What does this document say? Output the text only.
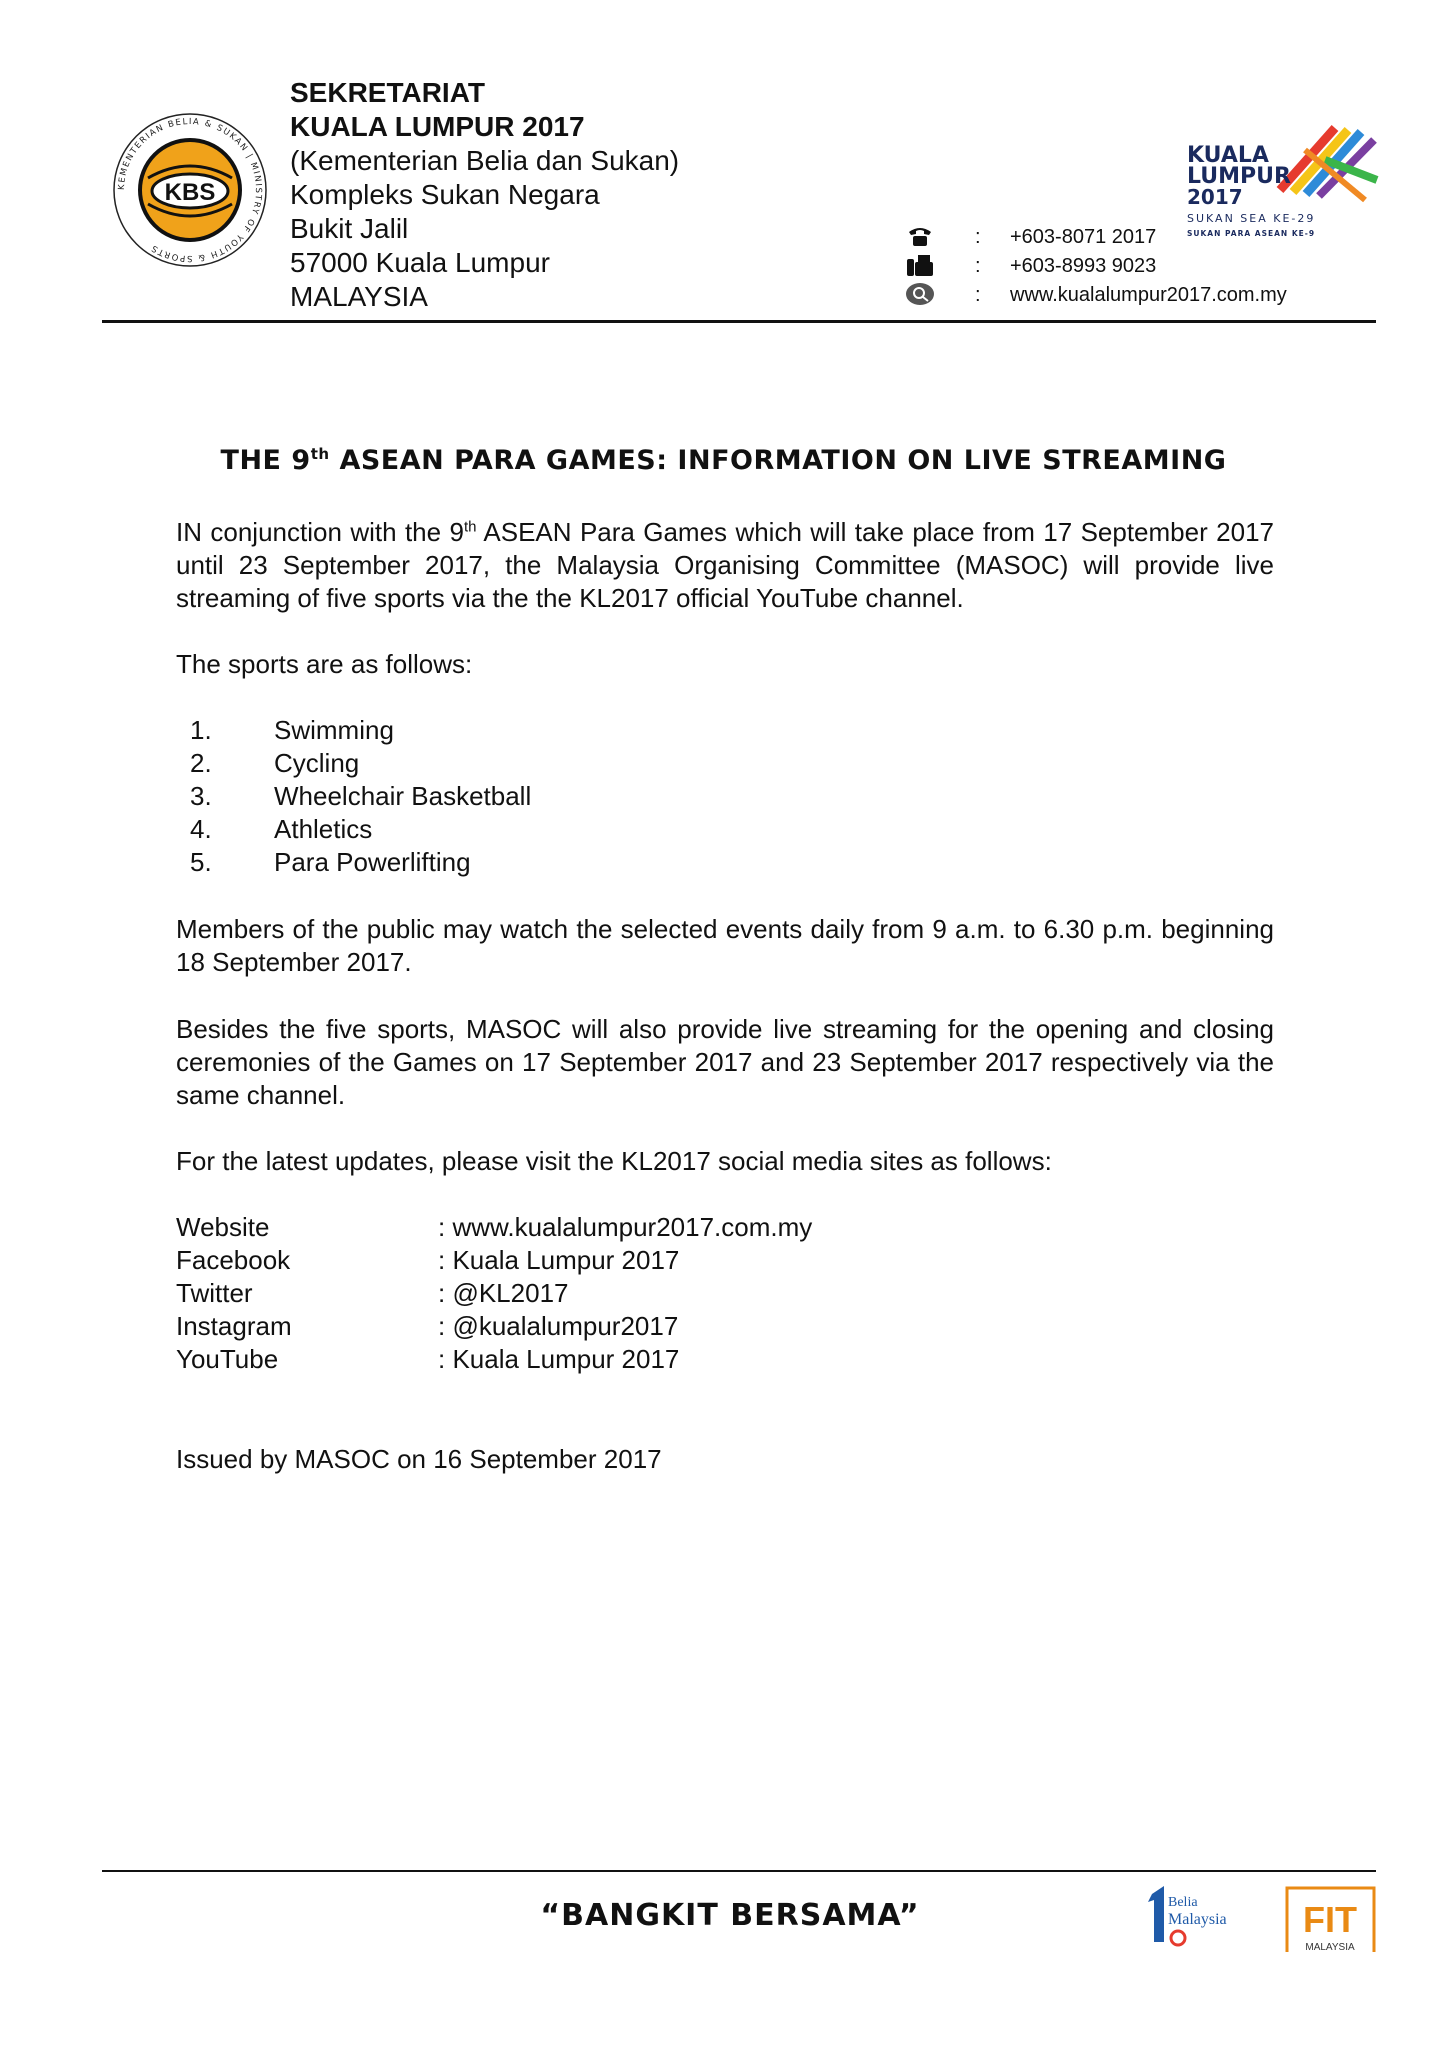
KEMENTERIAN BELIA & SUKAN | MINISTRY OF YOUTH & SPORTS
KBS
SEKRETARIAT
KUALA LUMPUR 2017
(Kementerian Belia dan Sukan)
Kompleks Sukan Negara
Bukit Jalil
57000 Kuala Lumpur
MALAYSIA
KUALA
LUMPUR
2017
SUKAN SEA KE-29
SUKAN PARA ASEAN KE-9
: +603-8071 2017
: +603-8993 9023
: www.kualalumpur2017.com.my
THE 9th ASEAN PARA GAMES: INFORMATION ON LIVE STREAMING
IN conjunction with the 9th ASEAN Para Games which will take place from 17 September 2017 until 23 September 2017, the Malaysia Organising Committee (MASOC) will provide live streaming of five sports via the the KL2017 official YouTube channel.
The sports are as follows:
1. Swimming
2. Cycling
3. Wheelchair Basketball
4. Athletics
5. Para Powerlifting
Members of the public may watch the selected events daily from 9 a.m. to 6.30 p.m. beginning 18 September 2017.
Besides the five sports, MASOC will also provide live streaming for the opening and closing ceremonies of the Games on 17 September 2017 and 23 September 2017 respectively via the same channel.
For the latest updates, please visit the KL2017 social media sites as follows:
Website	: www.kualalumpur2017.com.my
Facebook	: Kuala Lumpur 2017
Twitter	: @KL2017
Instagram	: @kualalumpur2017
YouTube	: Kuala Lumpur 2017
Issued by MASOC on 16 September 2017
“BANGKIT BERSAMA”	Belia
Malaysia FIT
MALAYSIA
